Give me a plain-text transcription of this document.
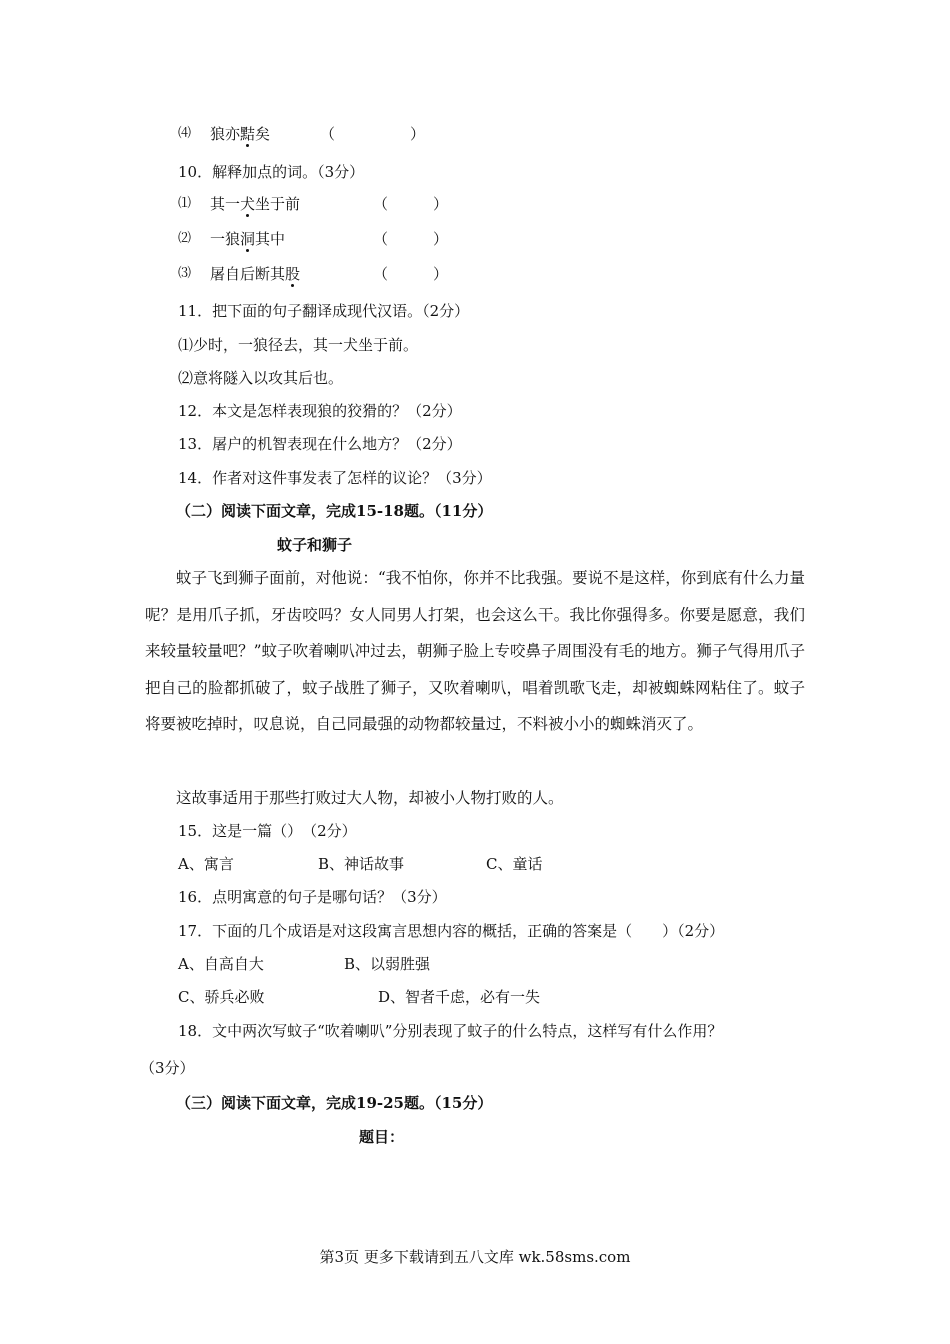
⑷ 狼亦黠矣	（　　　　　）
10．解释加点的词。（3分）
⑴ 其一犬坐于前	（　　　）
⑵ 一狼洞其中	（　　　）
⑶ 屠自后断其股	（　　　）
11．把下面的句子翻译成现代汉语。（2分）
⑴少时，一狼径去，其一犬坐于前。
⑵意将隧入以攻其后也。
12．本文是怎样表现狼的狡猾的？（2分）
13．屠户的机智表现在什么地方？（2分）
14．作者对这件事发表了怎样的议论？（3分）
（二）阅读下面文章，完成15-18题。（11分）
蚊子和狮子
蚊子飞到狮子面前，对他说：“我不怕你，你并不比我强。要说不是这样，你到底有什么力量呢？是用爪子抓，牙齿咬吗？女人同男人打架，也会这么干。我比你强得多。你要是愿意，我们来较量较量吧？”蚊子吹着喇叭冲过去，朝狮子脸上专咬鼻子周围没有毛的地方。狮子气得用爪子把自己的脸都抓破了，蚊子战胜了狮子，又吹着喇叭，唱着凯歌飞走，却被蜘蛛网粘住了。蚊子将要被吃掉时，叹息说，自己同最强的动物都较量过，不料被小小的蜘蛛消灭了。
这故事适用于那些打败过大人物，却被小人物打败的人。
15．这是一篇（）　（2分）
A、寓言	B、神话故事	C、童话
16．点明寓意的句子是哪句话？（3分）
17．下面的几个成语是对这段寓言思想内容的概括，正确的答案是（　　）（2分）
A、自高自大	B、以弱胜强
C、骄兵必败	D、智者千虑，必有一失
18．文中两次写蚊子“吹着喇叭”分别表现了蚊子的什么特点，这样写有什么作用？
（3分）
（三）阅读下面文章，完成19-25题。（15分）
题目：
第3页 更多下载请到五八文库 wk.58sms.com
